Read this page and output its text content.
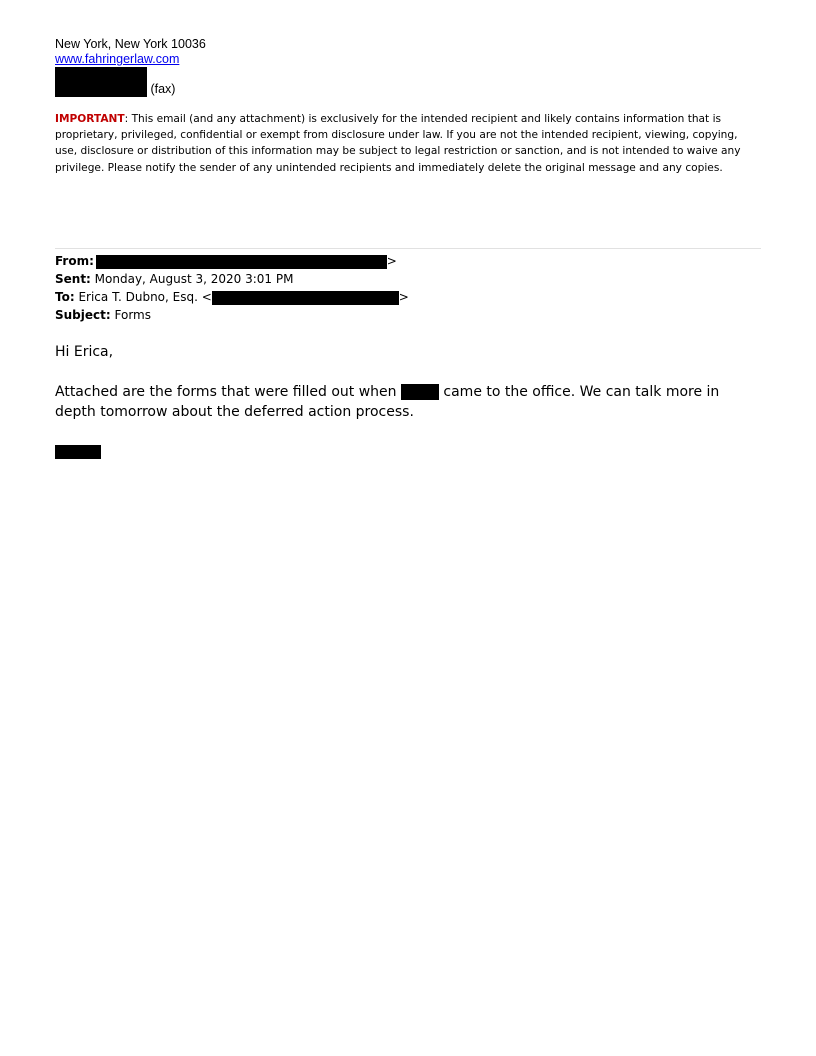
New York, New York 10036
www.fahringerlaw.com
(fax)
IMPORTANT: This email (and any attachment) is exclusively for the intended recipient and likely contains information that is proprietary, privileged, confidential or exempt from disclosure under law. If you are not the intended recipient, viewing, copying, use, disclosure or distribution of this information may be subject to legal restriction or sanction, and is not intended to waive any privilege. Please notify the sender of any unintended recipients and immediately delete the original message and any copies.
From:	>
Sent: Monday, August 3, 2020 3:01 PM
To: Erica T. Dubno, Esq. <	>
Subject: Forms

Hi Erica,

Attached are the forms that were filled out when	came to the office. We can talk more in depth tomorrow about the deferred action process.
